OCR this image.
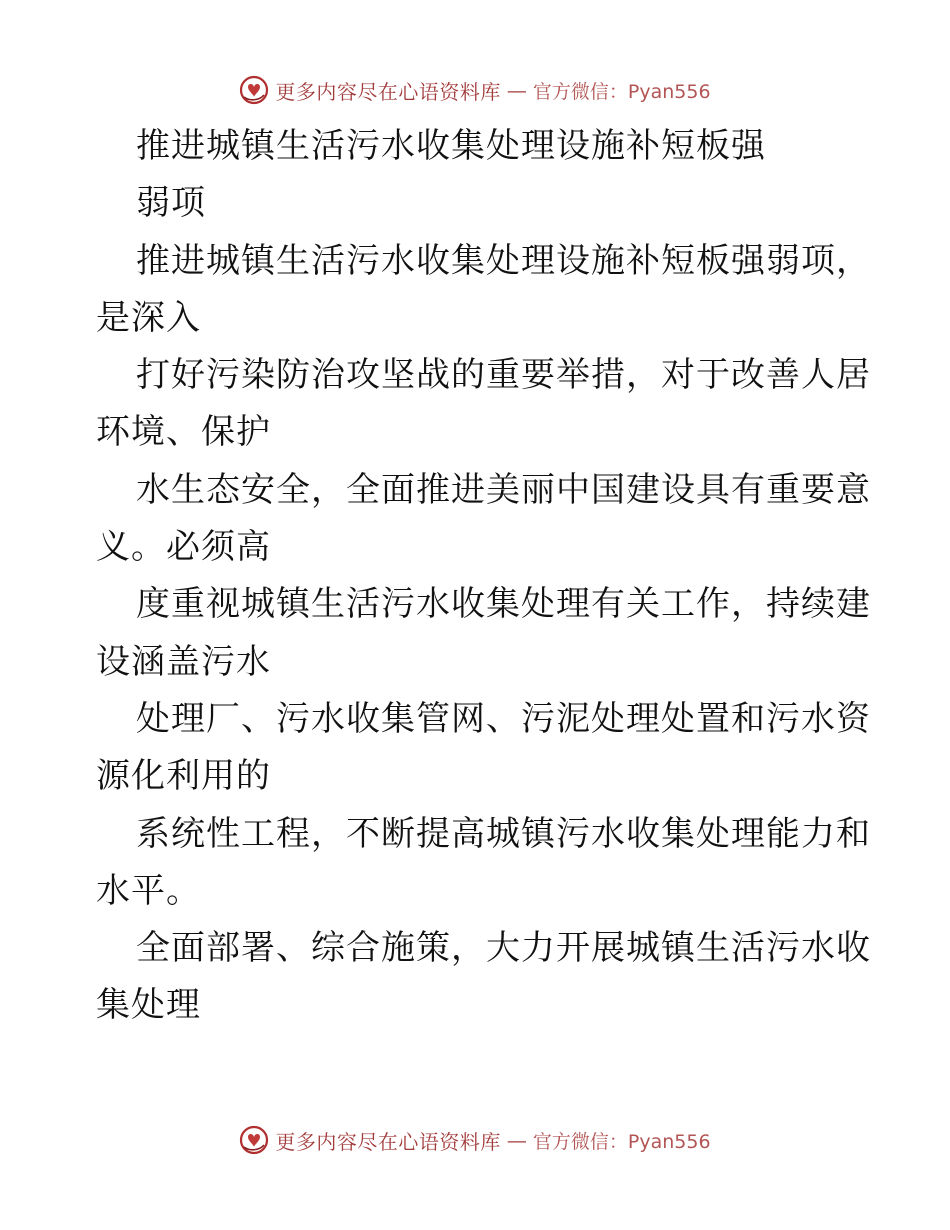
更多内容尽在心语资料库 — 官方微信：Pyan556
推进城镇生活污水收集处理设施补短板强
弱项
推进城镇生活污水收集处理设施补短板强弱项，
是深入
打好污染防治攻坚战的重要举措，对于改善人居
环境、保护
水生态安全，全面推进美丽中国建设具有重要意
义。必须高
度重视城镇生活污水收集处理有关工作，持续建
设涵盖污水
处理厂、污水收集管网、污泥处理处置和污水资
源化利用的
系统性工程，不断提高城镇污水收集处理能力和
水平。
全面部署、综合施策，大力开展城镇生活污水收
集处理
更多内容尽在心语资料库 — 官方微信：Pyan556
